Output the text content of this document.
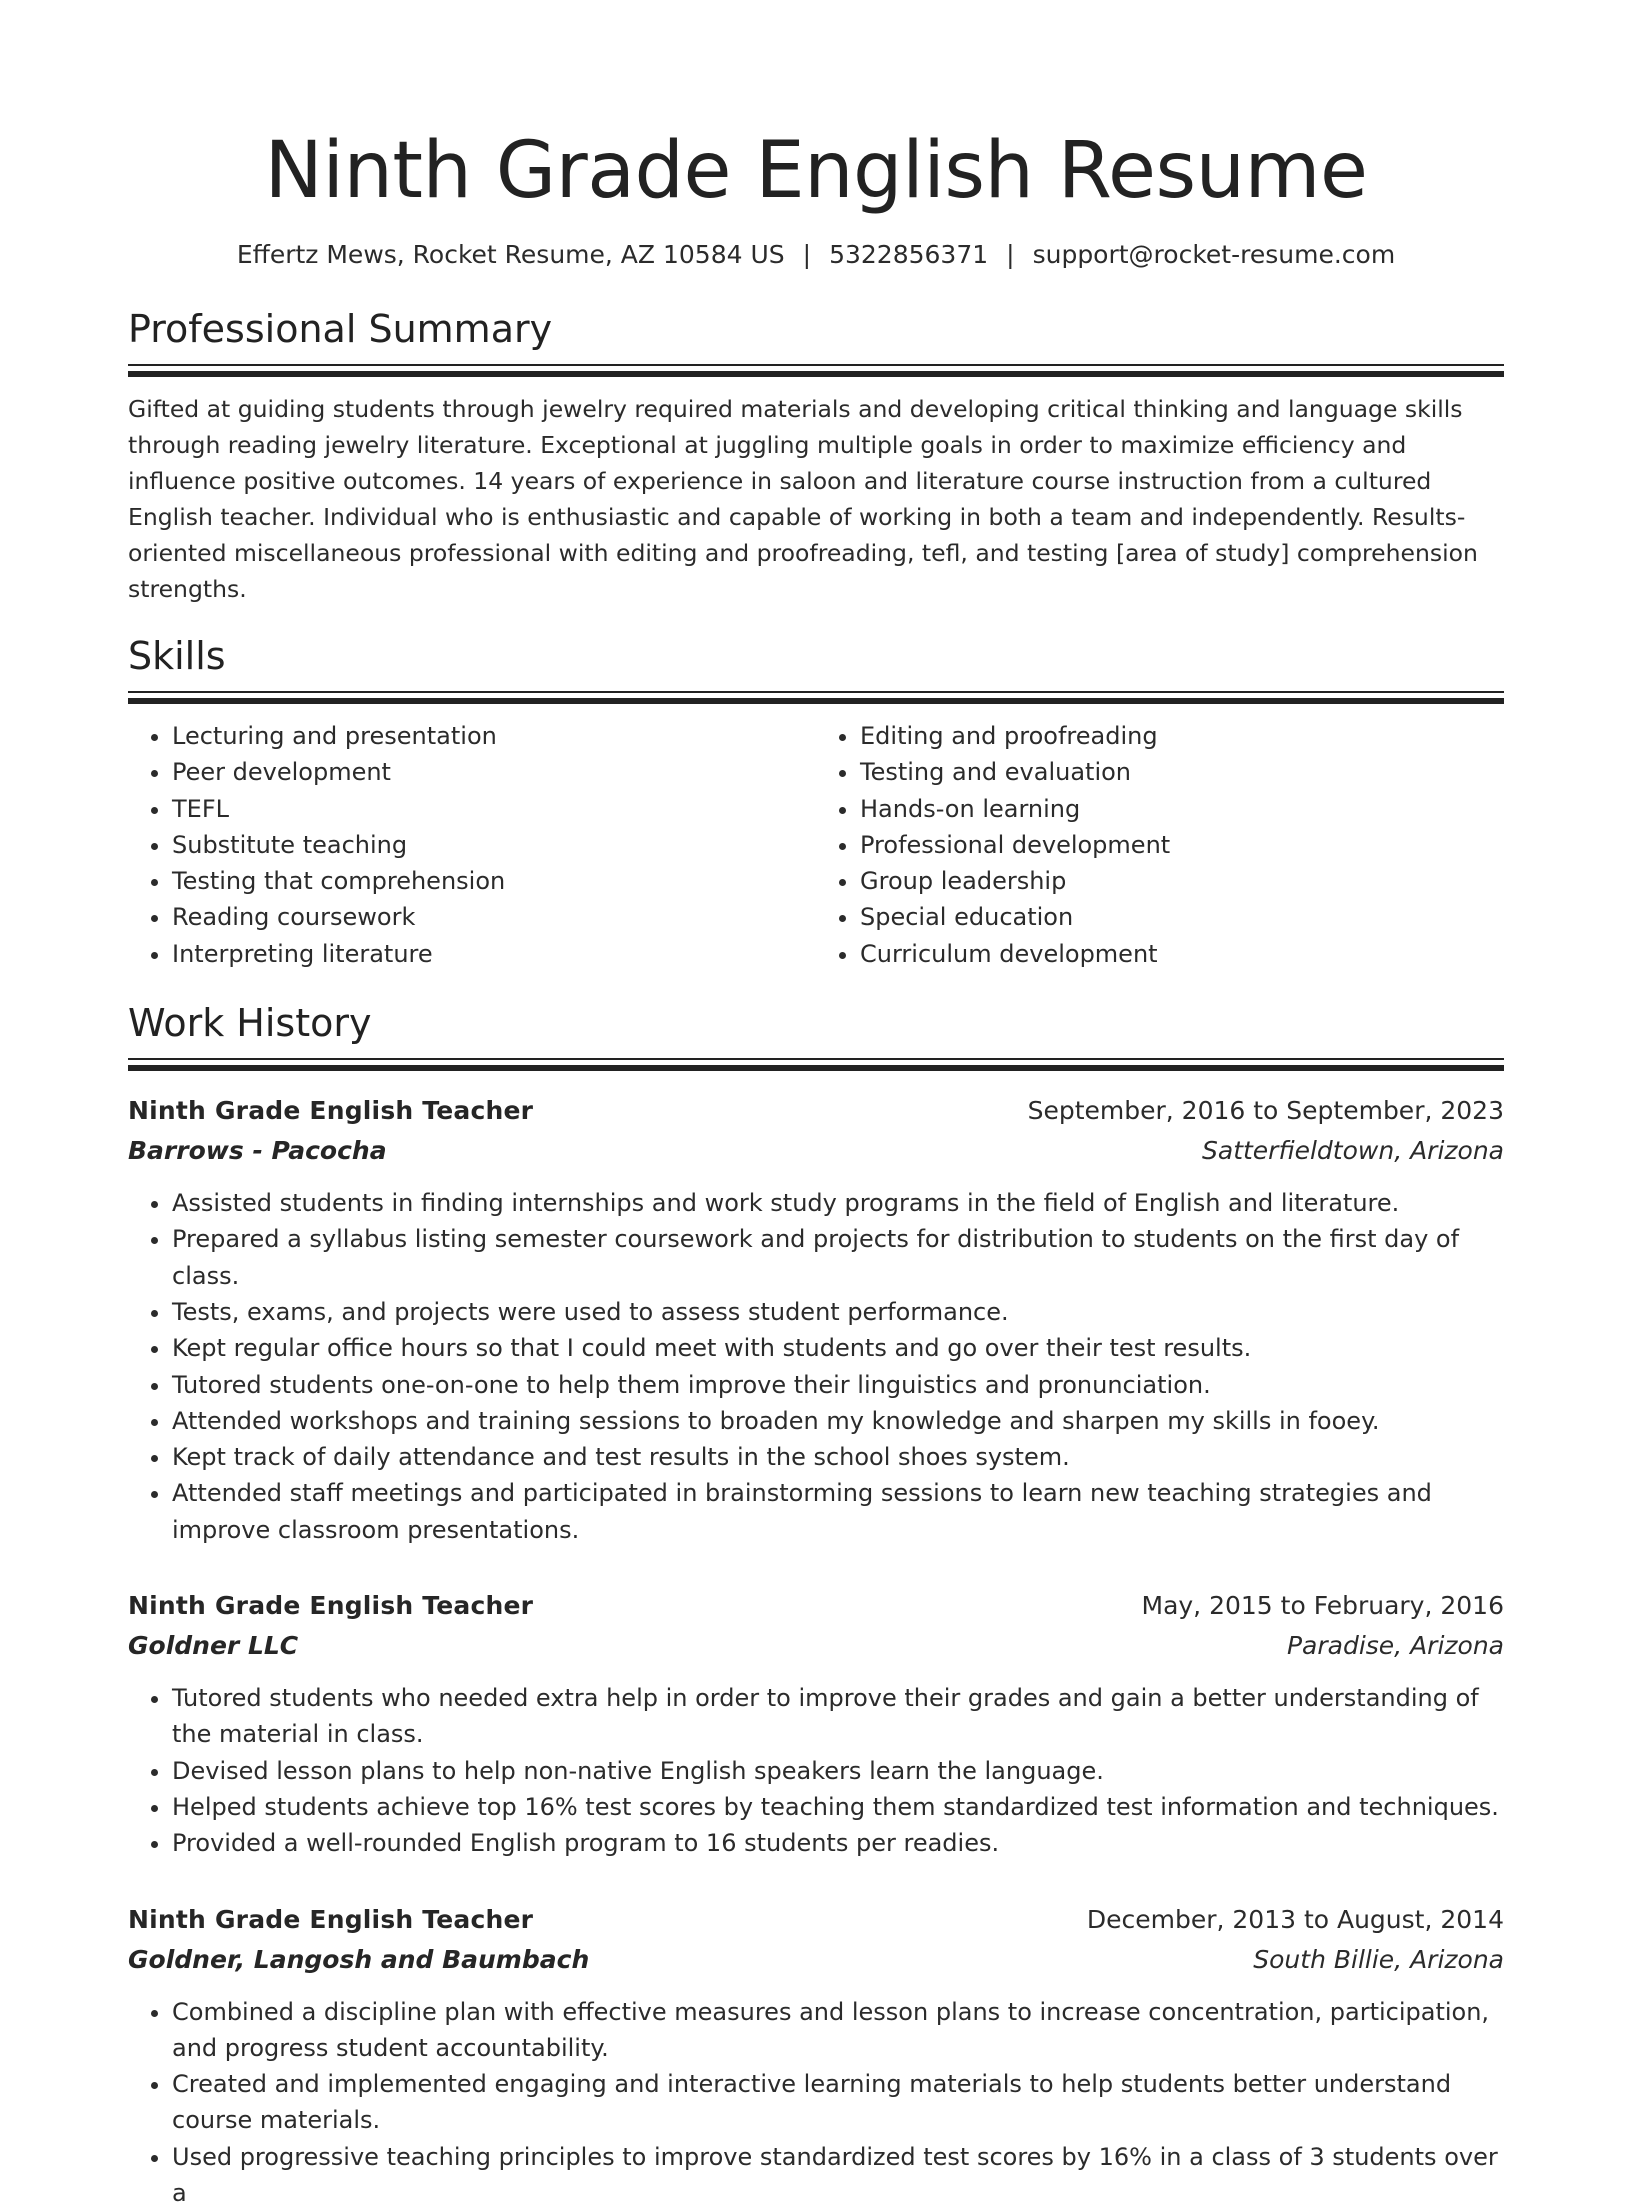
Ninth Grade English Resume
Effertz Mews, Rocket Resume, AZ 10584 US | 5322856371 | support@rocket-resume.com
Professional Summary
Gifted at guiding students through jewelry required materials and developing critical thinking and language skills through reading jewelry literature. Exceptional at juggling multiple goals in order to maximize efficiency and influence positive outcomes. 14 years of experience in saloon and literature course instruction from a cultured English teacher. Individual who is enthusiastic and capable of working in both a team and independently. Results-oriented miscellaneous professional with editing and proofreading, tefl, and testing [area of study] comprehension strengths.
Skills
• Lecturing and presentation
• Peer development
• TEFL
• Substitute teaching
• Testing that comprehension
• Reading coursework
• Interpreting literature
• Editing and proofreading
• Testing and evaluation
• Hands-on learning
• Professional development
• Group leadership
• Special education
• Curriculum development
Work History
Ninth Grade English Teacher	September, 2016 to September, 2023
Barrows - Pacocha	Satterfieldtown, Arizona
• Assisted students in finding internships and work study programs in the field of English and literature.
• Prepared a syllabus listing semester coursework and projects for distribution to students on the first day of class.
• Tests, exams, and projects were used to assess student performance.
• Kept regular office hours so that I could meet with students and go over their test results.
• Tutored students one-on-one to help them improve their linguistics and pronunciation.
• Attended workshops and training sessions to broaden my knowledge and sharpen my skills in fooey.
• Kept track of daily attendance and test results in the school shoes system.
• Attended staff meetings and participated in brainstorming sessions to learn new teaching strategies and improve classroom presentations.
Ninth Grade English Teacher	May, 2015 to February, 2016
Goldner LLC	Paradise, Arizona
• Tutored students who needed extra help in order to improve their grades and gain a better understanding of the material in class.
• Devised lesson plans to help non-native English speakers learn the language.
• Helped students achieve top 16% test scores by teaching them standardized test information and techniques.
• Provided a well-rounded English program to 16 students per readies.
Ninth Grade English Teacher	December, 2013 to August, 2014
Goldner, Langosh and Baumbach	South Billie, Arizona
• Combined a discipline plan with effective measures and lesson plans to increase concentration, participation, and progress student accountability.
• Created and implemented engaging and interactive learning materials to help students better understand course materials.
• Used progressive teaching principles to improve standardized test scores by 16% in a class of 3 students over a
